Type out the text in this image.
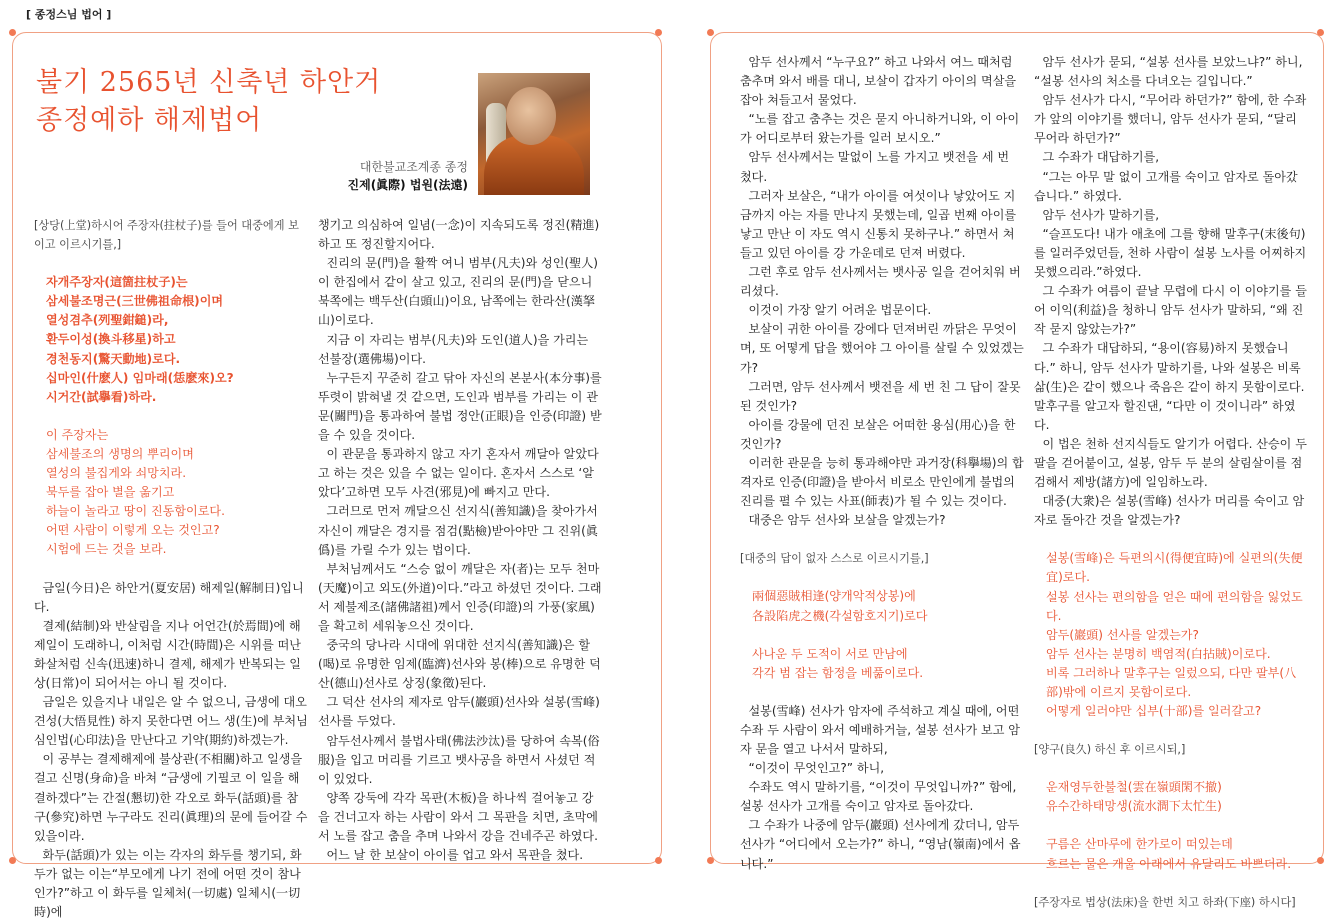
[ 종정스님 법어 ]
불기 2565년 신축년 하안거
종정예하 해제법어
대한불교조계종 종정
진제(眞際) 법원(法遠)

[상당(上堂)하시어 주장자(拄杖子)를 들어 대중에게 보이고 이르시기를,]

자개주장자(這箇拄杖子)는

삼세불조명근(三世佛祖命根)이며

열성겸추(列聖鉗鎚)라,

환두이성(換斗移星)하고

경천동지(驚天動地)로다.

십마인(什麽人) 임마래(恁麽來)오?

시거간(試擧看)하라.

이 주장자는

삼세불조의 생명의 뿌리이며

열성의 불집게와 쇠망치라.

북두를 잡아 별을 옮기고

하늘이 놀라고 땅이 진동함이로다.

어떤 사람이 이렇게 오는 것인고?

시험에 드는 것을 보라.

금일(今日)은 하안거(夏安居) 해제일(解制日)입니다.

결제(結制)와 반살림을 지나 어언간(於焉間)에 해제일이 도래하니, 이처럼 시간(時間)은 시위를 떠난 화살처럼 신속(迅速)하니 결제, 해제가 반복되는 일상(日常)이 되어서는 아니 될 것이다.

금일은 있을지나 내일은 알 수 없으니, 금생에 대오견성(大悟見性) 하지 못한다면 어느 생(生)에 부처님 심인법(心印法)을 만난다고 기약(期約)하겠는가.

이 공부는 결제해제에 불상관(不相關)하고 일생을 걸고 신명(身命)을 바쳐 “금생에 기필코 이 일을 해결하겠다”는 간절(懇切)한 각오로 화두(話頭)를 참구(參究)하면 누구라도 진리(眞理)의 문에 들어갈 수 있을이라.

화두(話頭)가 있는 이는 각자의 화두를 챙기되, 화두가 없는 이는“부모에게 나기 전에 어떤 것이 참나인가?”하고 이 화두를 일체처(一切處) 일체시(一切時)에

챙기고 의심하여 일념(一念)이 지속되도록 정진(精進)하고 또 정진할지어다.

진리의 문(門)을 활짝 여니 범부(凡夫)와 성인(聖人)이 한집에서 같이 살고 있고, 진리의 문(門)을 닫으니 북쪽에는 백두산(白頭山)이요, 남쪽에는 한라산(漢拏山)이로다.

지금 이 자리는 범부(凡夫)와 도인(道人)을 가리는 선불장(選佛場)이다.

누구든지 꾸준히 갈고 닦아 자신의 본분사(本分事)를 뚜렷이 밝혀낼 것 같으면, 도인과 범부를 가리는 이 관문(關門)을 통과하여 불법 정안(正眼)을 인증(印證) 받을 수 있을 것이다.

이 관문을 통과하지 않고 자기 혼자서 깨달아 알았다고 하는 것은 있을 수 없는 일이다. 혼자서 스스로 ‘알았다’고하면 모두 사견(邪見)에 빠지고 만다.

그러므로 먼저 깨달으신 선지식(善知識)을 찾아가서 자신이 깨달은 경지를 점검(點檢)받아야만 그 진위(眞僞)를 가릴 수가 있는 법이다.

부처님께서도 “스승 없이 깨달은 자(者)는 모두 천마(天魔)이고 외도(外道)이다.”라고 하셨던 것이다. 그래서 제불제조(諸佛諸祖)께서 인증(印證)의 가풍(家風)을 확고히 세워놓으신 것이다.

중국의 당나라 시대에 위대한 선지식(善知識)은 할(喝)로 유명한 임제(臨濟)선사와 봉(棒)으로 유명한 덕산(德山)선사로 상징(象徵)된다.

그 덕산 선사의 제자로 암두(巖頭)선사와 설봉(雪峰)선사를 두었다.

암두선사께서 불법사태(佛法沙汰)를 당하여 속복(俗服)을 입고 머리를 기르고 뱃사공을 하면서 사셨던 적이 있었다.

양쪽 강둑에 각각 목판(木板)을 하나씩 걸어놓고 강을 건너고자 하는 사람이 와서 그 목판을 치면, 초막에서 노를 잡고 춤을 추며 나와서 강을 건네주곤 하였다.

어느 날 한 보살이 아이를 업고 와서 목판을 쳤다.

암두 선사께서 “누구요?” 하고 나와서 여느 때처럼 춤추며 와서 배를 대니, 보살이 갑자기 아이의 멱살을 잡아 쳐들고서 물었다.

“노를 잡고 춤추는 것은 묻지 아니하거니와, 이 아이가 어디로부터 왔는가를 일러 보시오.”

암두 선사께서는 말없이 노를 가지고 뱃전을 세 번 쳤다.

그러자 보살은, “내가 아이를 여섯이나 낳았어도 지금까지 아는 자를 만나지 못했는데, 일곱 번째 아이를 낳고 만난 이 자도 역시 신통치 못하구나.” 하면서 쳐들고 있던 아이를 강 가운데로 던져 버렸다.

그런 후로 암두 선사께서는 뱃사공 일을 걷어치워 버리셨다.

이것이 가장 알기 어려운 법문이다.

보살이 귀한 아이를 강에다 던져버린 까닭은 무엇이며, 또 어떻게 답을 했어야 그 아이를 살릴 수 있었겠는가?

그러면, 암두 선사께서 뱃전을 세 번 친 그 답이 잘못된 것인가?

아이를 강물에 던진 보살은 어떠한 용심(用心)을 한 것인가?

이러한 관문을 능히 통과해야만 과거장(科擧場)의 합격자로 인증(印證)을 받아서 비로소 만인에게 불법의 진리를 펼 수 있는 사표(師表)가 될 수 있는 것이다.

대중은 암두 선사와 보살을 알겠는가?

[대중의 답이 없자 스스로 이르시기를,]

兩個惡賊相逢(양개악적상봉)에

各設陷虎之機(각설함호지기)로다

사나운 두 도적이 서로 만남에

각각 범 잡는 함정을 베풂이로다.

설봉(雪峰) 선사가 암자에 주석하고 계실 때에, 어떤 수좌 두 사람이 와서 예배하거늘, 설봉 선사가 보고 암자 문을 열고 나서서 말하되,

“이것이 무엇인고?” 하니,

수좌도 역시 말하기를, “이것이 무엇입니까?” 함에, 설봉 선사가 고개를 숙이고 암자로 돌아갔다.

그 수좌가 나중에 암두(巖頭) 선사에게 갔더니, 암두 선사가 “어디에서 오는가?” 하니, “영남(嶺南)에서 옵니다.”

암두 선사가 묻되, “설봉 선사를 보았느냐?” 하니, “설봉 선사의 처소를 다녀오는 길입니다.”

암두 선사가 다시, “무어라 하던가?” 함에, 한 수좌가 앞의 이야기를 했더니, 암두 선사가 묻되, “달리 무어라 하던가?”

그 수좌가 대답하기를,

“그는 아무 말 없이 고개를 숙이고 암자로 돌아갔습니다.” 하였다.

암두 선사가 말하기를,

“슬프도다! 내가 애초에 그를 향해 말후구(末後句)를 일러주었던들, 천하 사람이 설봉 노사를 어찌하지 못했으리라.”하였다.

그 수좌가 여름이 끝날 무렵에 다시 이 이야기를 들어 이익(利益)을 청하니 암두 선사가 말하되, “왜 진작 묻지 않았는가?”

그 수좌가 대답하되, “용이(容易)하지 못했습니다.” 하니, 암두 선사가 말하기를, 나와 설봉은 비록 삶(生)은 같이 했으나 죽음은 같이 하지 못함이로다. 말후구를 알고자 할진댄, “다만 이 것이니라” 하였다.

이 법은 천하 선지식들도 알기가 어렵다. 산승이 두 팔을 걷어붙이고, 설봉, 암두 두 분의 살림살이를 점검해서 제방(諸方)에 일임하노라.

대중(大衆)은 설봉(雪峰) 선사가 머리를 숙이고 암자로 돌아간 것을 알겠는가?

설봉(雪峰)은 득편의시(得便宜時)에 실편의(失便宜)로다.

설봉 선사는 편의함을 얻은 때에 편의함을 잃었도다.

암두(巖頭) 선사를 알겠는가?

암두 선사는 분명히 백염적(白拈賊)이로다.

비록 그러하나 말후구는 일렀으되, 다만 팔부(八部)밖에 이르지 못함이로다.

어떻게 일러야만 십부(十部)를 일러갈고?

[양구(良久) 하신 후 이르시되,]

운재영두한불철(雲在嶺頭閑不撤)

유수간하태망생(流水澗下太忙生)

구름은 산마루에 한가로이 떠있는데

흐르는 물은 개울 아래에서 유달리도 바쁘더라.

[주장자로 법상(法床)을 한번 치고 하좌(下座) 하시다]
